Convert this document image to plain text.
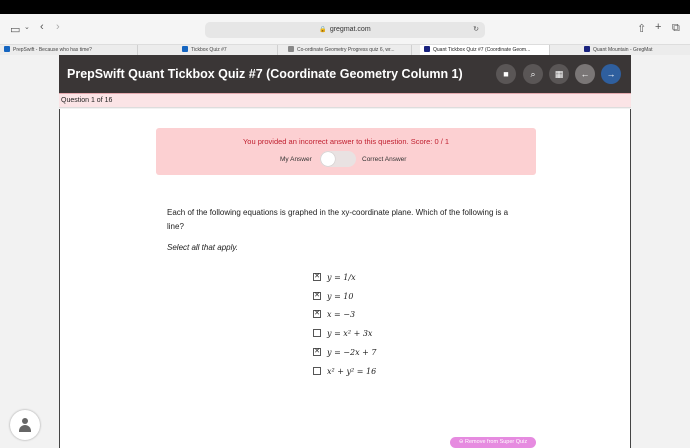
▭ ⌄ ‹ ›	🔒 gregmat.com	↻	⇧ + ⧉
PrepSwift - Because who has time?	Tickbox Quiz #7	Co-ordinate Geometry Progress quiz 6, wr...	Quant Tickbox Quiz #7 (Coordinate Geom...	Quant Mountain - GregMat
PrepSwift Quant Tickbox Quiz #7 (Coordinate Geometry Column 1)	■ ⌕ ▦ ← →
Question 1 of 16
You provided an incorrect answer to this question. Score: 0 / 1
My Answer	Correct Answer
Each of the following equations is graphed in the xy-coordinate plane. Which of the following is a line?
Select all that apply.
✕ y = 1/x
✕ y = 10
✕ x = −3
y = x² + 3x
✕ y = −2x + 7
x² + y² = 16
⊖ Remove from Super Quiz
